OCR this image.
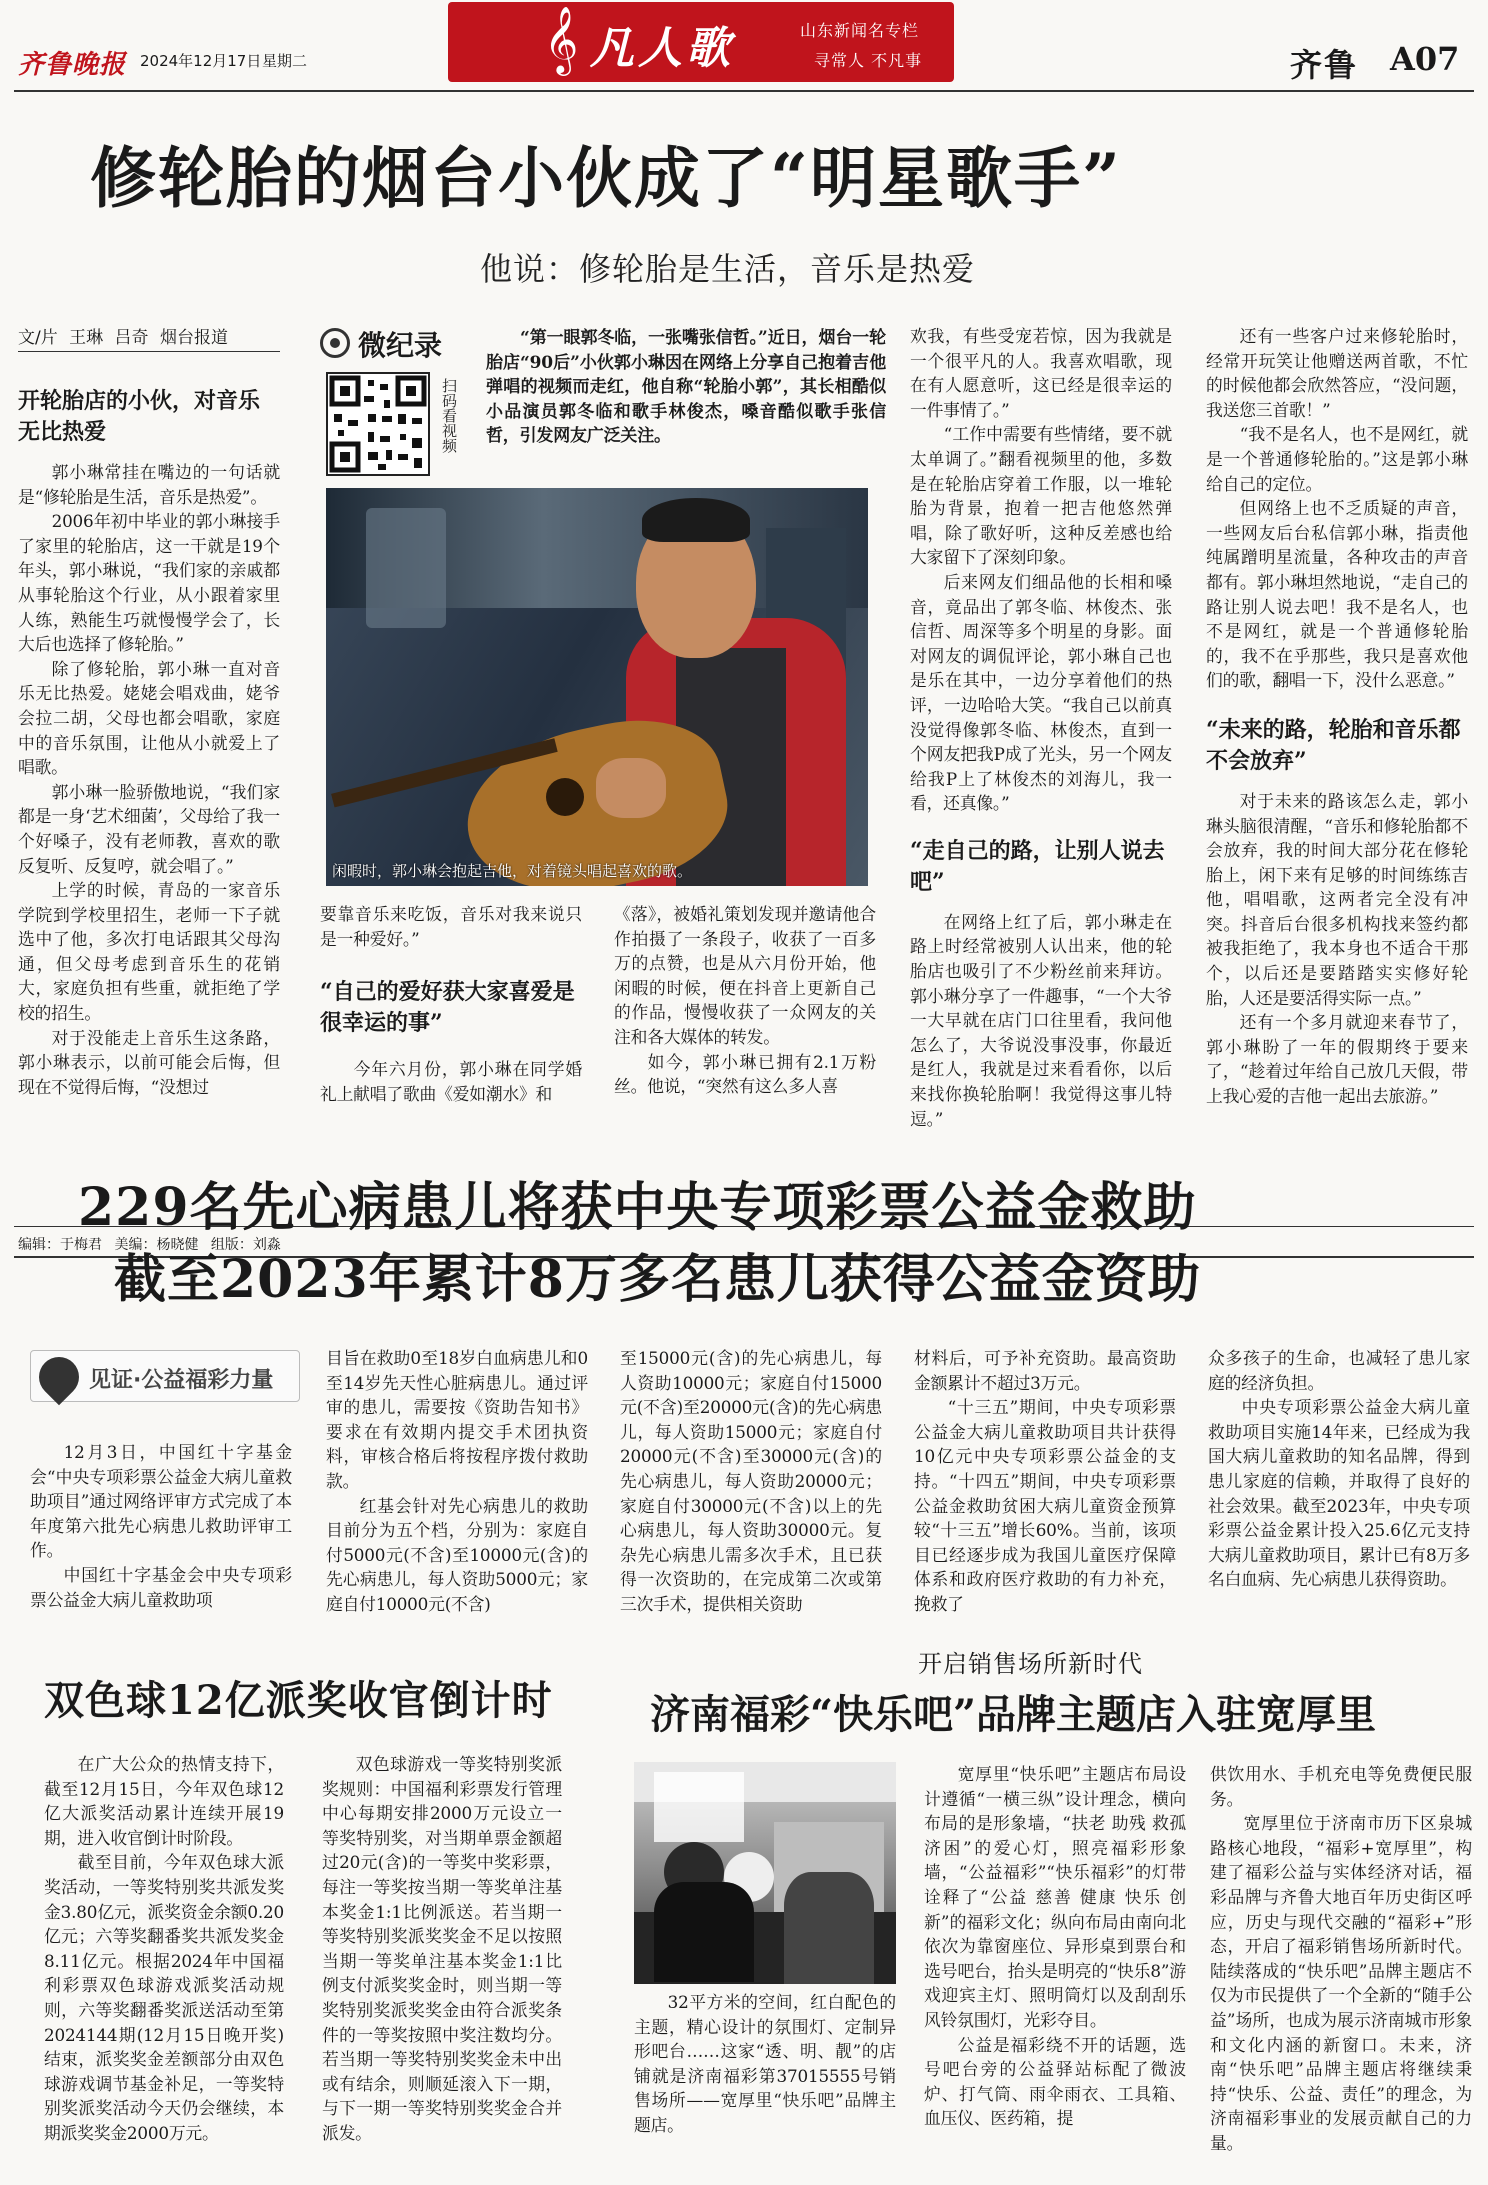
齐鲁晚报 2024年12月17日 星期二	𝄞 凡人歌	山东新闻名专栏
寻常人 不凡事	齐鲁 A07
修轮胎的烟台小伙成了“明星歌手”
他说：修轮胎是生活，音乐是热爱
文/片 王琳 吕奇 烟台报道
开轮胎店的小伙，对音乐无比热爱

郭小琳常挂在嘴边的一句话就是“修轮胎是生活，音乐是热爱”。

2006年初中毕业的郭小琳接手了家里的轮胎店，这一干就是19个年头，郭小琳说，“我们家的亲戚都从事轮胎这个行业，从小跟着家里人练，熟能生巧就慢慢学会了，长大后也选择了修轮胎。”

除了修轮胎，郭小琳一直对音乐无比热爱。姥姥会唱戏曲，姥爷会拉二胡，父母也都会唱歌，家庭中的音乐氛围，让他从小就爱上了唱歌。

郭小琳一脸骄傲地说，“我们家都是一身‘艺术细菌’，父母给了我一个好嗓子，没有老师教，喜欢的歌反复听、反复哼，就会唱了。”

上学的时候，青岛的一家音乐学院到学校里招生，老师一下子就选中了他，多次打电话跟其父母沟通，但父母考虑到音乐生的花销大，家庭负担有些重，就拒绝了学校的招生。

对于没能走上音乐生这条路，郭小琳表示，以前可能会后悔，但现在不觉得后悔，“没想过

微纪录
扫码看视频

“第一眼郭冬临，一张嘴张信哲。”近日，烟台一轮胎店“90后”小伙郭小琳因在网络上分享自己抱着吉他弹唱的视频而走红，他自称“轮胎小郭”，其长相酷似小品演员郭冬临和歌手林俊杰，嗓音酷似歌手张信哲，引发网友广泛关注。

闲暇时，郭小琳会抱起吉他，对着镜头唱起喜欢的歌。

要靠音乐来吃饭，音乐对我来说只是一种爱好。”

“自己的爱好获大家喜爱是很幸运的事”

今年六月份，郭小琳在同学婚礼上献唱了歌曲《爱如潮水》和

《落》，被婚礼策划发现并邀请他合作拍摄了一条段子，收获了一百多万的点赞，也是从六月份开始，他闲暇的时候，便在抖音上更新自己的作品，慢慢收获了一众网友的关注和各大媒体的转发。

如今，郭小琳已拥有2.1万粉丝。他说，“突然有这么多人喜

欢我，有些受宠若惊，因为我就是一个很平凡的人。我喜欢唱歌，现在有人愿意听，这已经是很幸运的一件事情了。”

“工作中需要有些情绪，要不就太单调了。”翻看视频里的他，多数是在轮胎店穿着工作服，以一堆轮胎为背景，抱着一把吉他悠然弹唱，除了歌好听，这种反差感也给大家留下了深刻印象。

后来网友们细品他的长相和嗓音，竟品出了郭冬临、林俊杰、张信哲、周深等多个明星的身影。面对网友的调侃评论，郭小琳自己也是乐在其中，一边分享着他们的热评，一边哈哈大笑。“我自己以前真没觉得像郭冬临、林俊杰，直到一个网友把我P成了光头，另一个网友给我P上了林俊杰的刘海儿，我一看，还真像。”

“走自己的路，让别人说去吧”

在网络上红了后，郭小琳走在路上时经常被别人认出来，他的轮胎店也吸引了不少粉丝前来拜访。郭小琳分享了一件趣事，“一个大爷一大早就在店门口往里看，我问他怎么了，大爷说没事没事，你最近是红人，我就是过来看看你，以后来找你换轮胎啊！我觉得这事儿特逗。”

还有一些客户过来修轮胎时，经常开玩笑让他赠送两首歌，不忙的时候他都会欣然答应，“没问题，我送您三首歌！”

“我不是名人，也不是网红，就是一个普通修轮胎的。”这是郭小琳给自己的定位。

但网络上也不乏质疑的声音，一些网友后台私信郭小琳，指责他纯属蹭明星流量，各种攻击的声音都有。郭小琳坦然地说，“走自己的路让别人说去吧！我不是名人，也不是网红，就是一个普通修轮胎的，我不在乎那些，我只是喜欢他们的歌，翻唱一下，没什么恶意。”

“未来的路，轮胎和音乐都不会放弃”

对于未来的路该怎么走，郭小琳头脑很清醒，“音乐和修轮胎都不会放弃，我的时间大部分花在修轮胎上，闲下来有足够的时间练练吉他，唱唱歌，这两者完全没有冲突。抖音后台很多机构找来签约都被我拒绝了，我本身也不适合干那个，以后还是要踏踏实实修好轮胎，人还是要活得实际一点。”

还有一个多月就迎来春节了，郭小琳盼了一年的假期终于要来了，“趁着过年给自己放几天假，带上我心爱的吉他一起出去旅游。”

编辑：于梅君 美编：杨晓健 组版：刘淼
229名先心病患儿将获中央专项彩票公益金救助
截至2023年累计8万多名患儿获得公益金资助
见证·公益福彩力量

12月3日，中国红十字基金会“中央专项彩票公益金大病儿童救助项目”通过网络评审方式完成了本年度第六批先心病患儿救助评审工作。

中国红十字基金会中央专项彩票公益金大病儿童救助项

目旨在救助0至18岁白血病患儿和0至14岁先天性心脏病患儿。通过评审的患儿，需要按《资助告知书》要求在有效期内提交手术团执资料，审核合格后将按程序拨付救助款。

红基会针对先心病患儿的救助目前分为五个档，分别为：家庭自付5000元(不含)至10000元(含)的先心病患儿，每人资助5000元；家庭自付10000元(不含)

至15000元(含)的先心病患儿，每人资助10000元；家庭自付15000元(不含)至20000元(含)的先心病患儿，每人资助15000元；家庭自付20000元(不含)至30000元(含)的先心病患儿，每人资助20000元；家庭自付30000元(不含)以上的先心病患儿，每人资助30000元。复杂先心病患儿需多次手术，且已获得一次资助的，在完成第二次或第三次手术，提供相关资助

材料后，可予补充资助。最高资助金额累计不超过3万元。

“十三五”期间，中央专项彩票公益金大病儿童救助项目共计获得10亿元中央专项彩票公益金的支持。“十四五”期间，中央专项彩票公益金救助贫困大病儿童资金预算较“十三五”增长60%。当前，该项目已经逐步成为我国儿童医疗保障体系和政府医疗救助的有力补充，挽救了

众多孩子的生命，也减轻了患儿家庭的经济负担。

中央专项彩票公益金大病儿童救助项目实施14年来，已经成为我国大病儿童救助的知名品牌，得到患儿家庭的信赖，并取得了良好的社会效果。截至2023年，中央专项彩票公益金累计投入25.6亿元支持大病儿童救助项目，累计已有8万多名白血病、先心病患儿获得资助。

双色球12亿派奖收官倒计时

在广大公众的热情支持下，截至12月15日，今年双色球12亿大派奖活动累计连续开展19期，进入收官倒计时阶段。

截至目前，今年双色球大派奖活动，一等奖特别奖共派发奖金3.80亿元，派奖资金余额0.20亿元；六等奖翻番奖共派发奖金8.11亿元。根据2024年中国福利彩票双色球游戏派奖活动规则，六等奖翻番奖派送活动至第2024144期(12月15日晚开奖)结束，派奖奖金差额部分由双色球游戏调节基金补足，一等奖特别奖派奖活动今天仍会继续，本期派奖奖金2000万元。

双色球游戏一等奖特别奖派奖规则：中国福利彩票发行管理中心每期安排2000万元设立一等奖特别奖，对当期单票金额超过20元(含)的一等奖中奖彩票，每注一等奖按当期一等奖单注基本奖金1:1比例派送。若当期一等奖特别奖派奖奖金不足以按照当期一等奖单注基本奖金1:1比例支付派奖奖金时，则当期一等奖特别奖派奖奖金由符合派奖条件的一等奖按照中奖注数均分。若当期一等奖特别奖奖金未中出或有结余，则顺延滚入下一期，与下一期一等奖特别奖奖金合并派发。

开启销售场所新时代
济南福彩“快乐吧”品牌主题店入驻宽厚里

32平方米的空间，红白配色的主题，精心设计的氛围灯、定制异形吧台……这家“透、明、靓”的店铺就是济南福彩第37015555号销售场所——宽厚里“快乐吧”品牌主题店。

宽厚里“快乐吧”主题店布局设计遵循“一横三纵”设计理念，横向布局的是形象墙，“扶老 助残 救孤 济困”的爱心灯，照亮福彩形象墙，“公益福彩”“快乐福彩”的灯带诠释了“公益 慈善 健康 快乐 创新”的福彩文化；纵向布局由南向北依次为靠窗座位、异形桌到票台和选号吧台，抬头是明亮的“快乐8”游戏迎宾主灯、照明筒灯以及刮刮乐风铃氛围灯，光彩夺目。

公益是福彩绕不开的话题，选号吧台旁的公益驿站标配了微波炉、打气筒、雨伞雨衣、工具箱、血压仪、医药箱，提

供饮用水、手机充电等免费便民服务。

宽厚里位于济南市历下区泉城路核心地段，“福彩+宽厚里”，构建了福彩公益与实体经济对话，福彩品牌与齐鲁大地百年历史街区呼应，历史与现代交融的“福彩+”形态，开启了福彩销售场所新时代。陆续落成的“快乐吧”品牌主题店不仅为市民提供了一个全新的“随手公益”场所，也成为展示济南城市形象和文化内涵的新窗口。未来，济南“快乐吧”品牌主题店将继续秉持“快乐、公益、责任”的理念，为济南福彩事业的发展贡献自己的力量。
